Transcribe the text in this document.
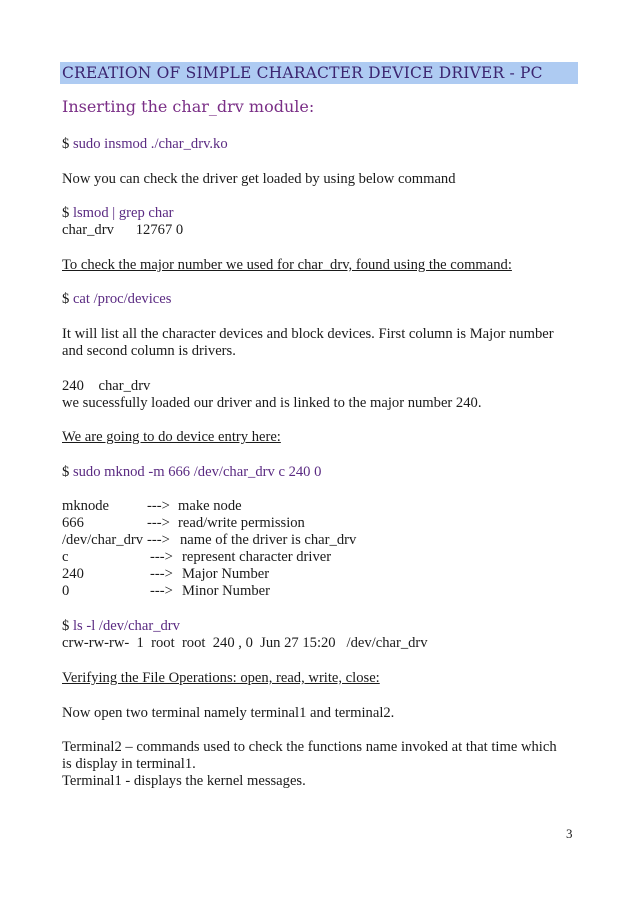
CREATION OF SIMPLE CHARACTER DEVICE DRIVER - PC
Inserting the char_drv module:
$ sudo insmod ./char_drv.ko
Now you can check the driver get loaded by using below command
$ lsmod | grep char
char_drv      12767 0
To check the major number we used for char_drv, found using the command:
$ cat /proc/devices
It will list all the character devices and block devices. First column is Major number
and second column is drivers.
240    char_drv
we sucessfully loaded our driver and is linked to the major number 240.
We are going to do device entry here:
$ sudo mknod -m 666 /dev/char_drv c 240 0
mknode	---> make node
666	---> read/write permission
/dev/char_drv ---> name of the driver is char_drv
c	---> represent character driver
240	---> Major Number
0	---> Minor Number
$ ls -l /dev/char_drv
crw-rw-rw-  1  root  root  240 , 0  Jun 27 15:20   /dev/char_drv
Verifying the File Operations: open, read, write, close:
Now open two terminal namely terminal1 and terminal2.
Terminal2 – commands used to check the functions name invoked at that time which
is display in terminal1.
Terminal1 - displays the kernel messages.
3
